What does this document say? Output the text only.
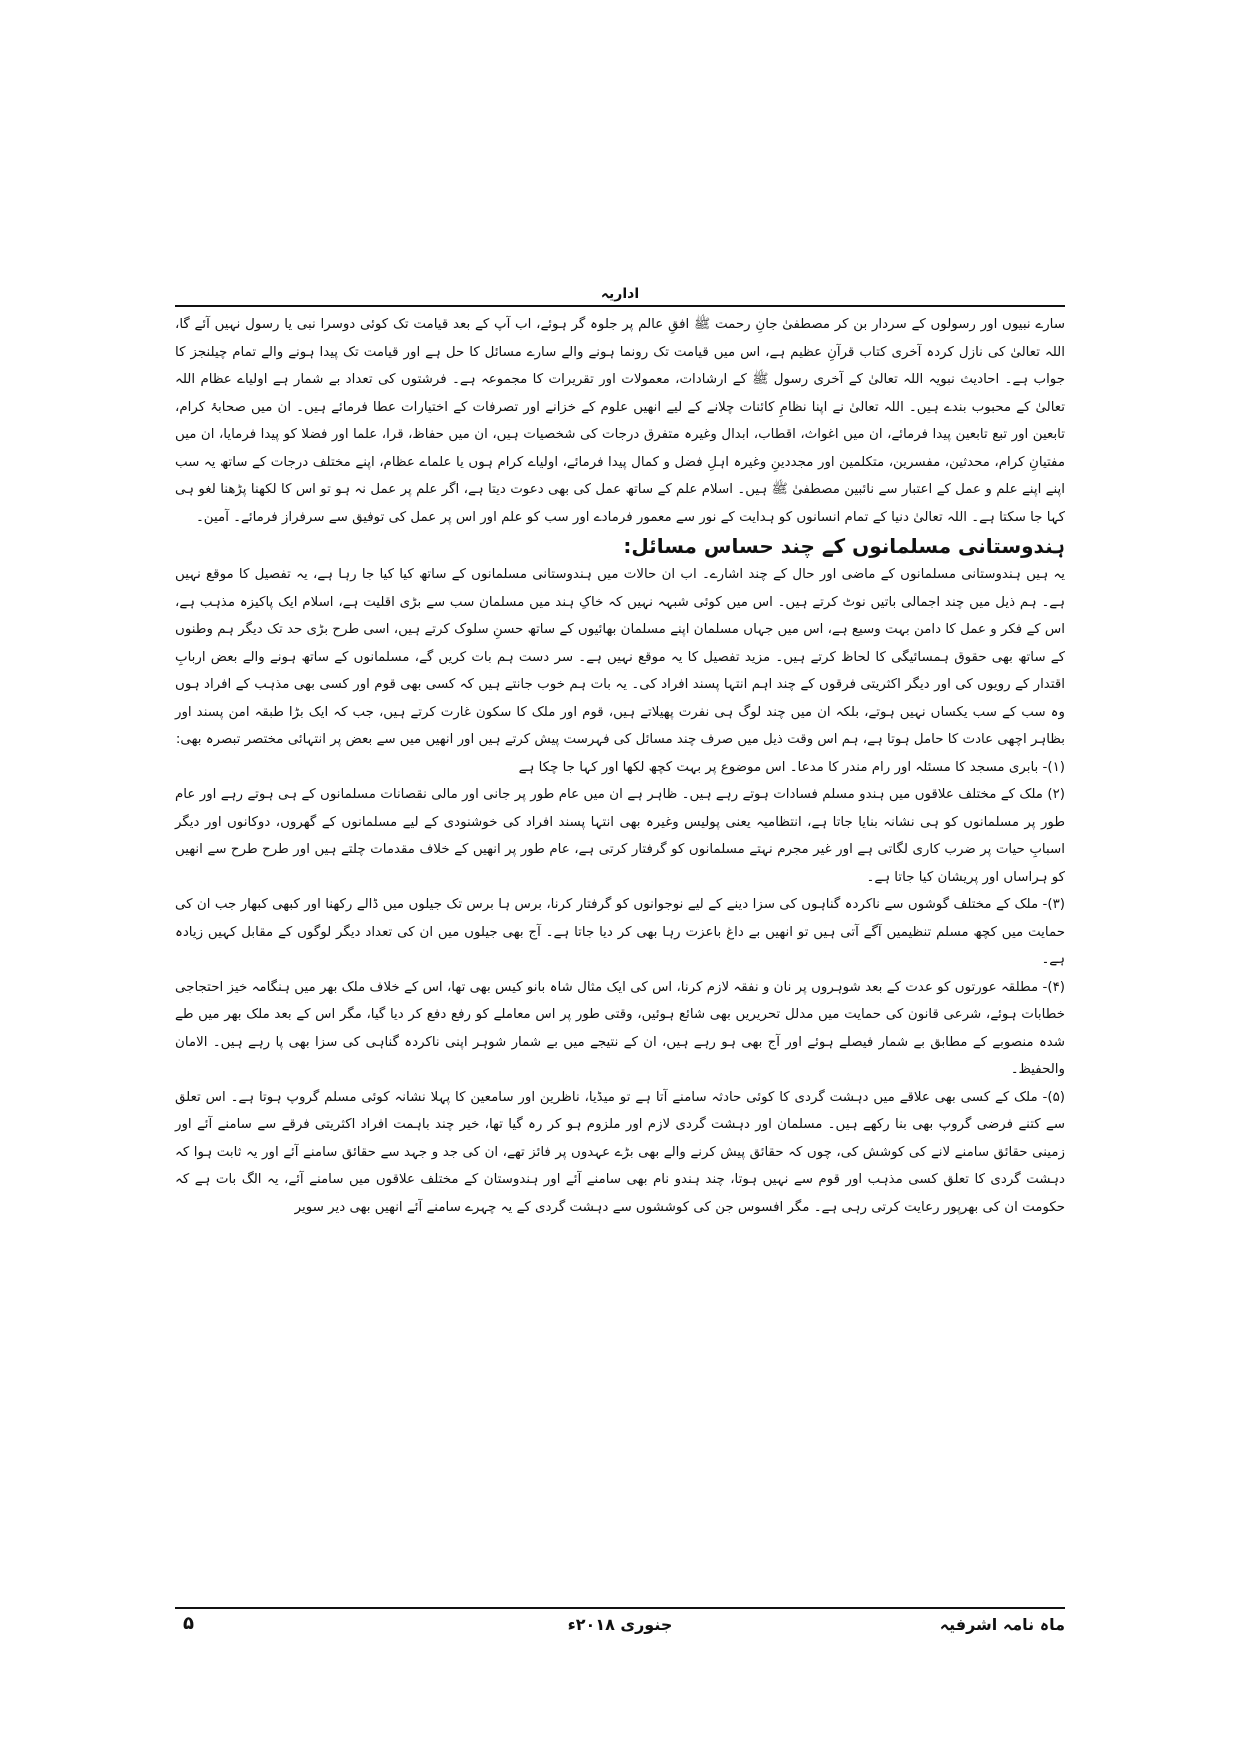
اداریہ

سارے نبیوں اور رسولوں کے سردار بن کر مصطفیٰ جانِ رحمت ﷺ افقِ عالم پر جلوہ گر ہوئے، اب آپ کے بعد قیامت تک کوئی دوسرا نبی یا رسول نہیں آئے گا، اللہ تعالیٰ کی نازل کردہ آخری کتاب قرآنِ عظیم ہے، اس میں قیامت تک رونما ہونے والے سارے مسائل کا حل ہے اور قیامت تک پیدا ہونے والے تمام چیلنجز کا جواب ہے۔ احادیث نبویہ اللہ تعالیٰ کے آخری رسول ﷺ کے ارشادات، معمولات اور تقریرات کا مجموعہ ہے۔ فرشتوں کی تعداد بے شمار ہے اولیاے عظام اللہ تعالیٰ کے محبوب بندے ہیں۔ اللہ تعالیٰ نے اپنا نظامِ کائنات چلانے کے لیے انھیں علوم کے خزانے اور تصرفات کے اختیارات عطا فرمائے ہیں۔ ان میں صحابۂ کرام، تابعین اور تبع تابعین پیدا فرمائے، ان میں اغواث، اقطاب، ابدال وغیرہ متفرق درجات کی شخصیات ہیں، ان میں حفاظ، قرا، علما اور فضلا کو پیدا فرمایا، ان میں مفتیانِ کرام، محدثین، مفسرین، متکلمین اور مجددینِ وغیرہ اہلِ فضل و کمال پیدا فرمائے، اولیاے کرام ہوں یا علماے عظام، اپنے مختلف درجات کے ساتھ یہ سب اپنے اپنے علم و عمل کے اعتبار سے نائبین مصطفیٰ ﷺ ہیں۔ اسلام علم کے ساتھ عمل کی بھی دعوت دیتا ہے، اگر علم پر عمل نہ ہو تو اس کا لکھنا پڑھنا لغو ہی کہا جا سکتا ہے۔ اللہ تعالیٰ دنیا کے تمام انسانوں کو ہدایت کے نور سے معمور فرمادے اور سب کو علم اور اس پر عمل کی توفیق سے سرفراز فرمائے۔ آمین۔

ہندوستانی مسلمانوں کے چند حساس مسائل:

یہ ہیں ہندوستانی مسلمانوں کے ماضی اور حال کے چند اشارے۔ اب ان حالات میں ہندوستانی مسلمانوں کے ساتھ کیا کیا جا رہا ہے، یہ تفصیل کا موقع نہیں ہے۔ ہم ذیل میں چند اجمالی باتیں نوٹ کرتے ہیں۔ اس میں کوئی شبہہ نہیں کہ خاکِ ہند میں مسلمان سب سے بڑی اقلیت ہے، اسلام ایک پاکیزہ مذہب ہے، اس کے فکر و عمل کا دامن بہت وسیع ہے، اس میں جہاں مسلمان اپنے مسلمان بھائیوں کے ساتھ حسنِ سلوک کرتے ہیں، اسی طرح بڑی حد تک دیگر ہم وطنوں کے ساتھ بھی حقوق ہمسائیگی کا لحاظ کرتے ہیں۔ مزید تفصیل کا یہ موقع نہیں ہے۔ سر دست ہم بات کریں گے، مسلمانوں کے ساتھ ہونے والے بعض اربابِ اقتدار کے رویوں کی اور دیگر اکثریتی فرقوں کے چند اہم انتہا پسند افراد کی۔ یہ بات ہم خوب جانتے ہیں کہ کسی بھی قوم اور کسی بھی مذہب کے افراد ہوں وہ سب کے سب یکساں نہیں ہوتے، بلکہ ان میں چند لوگ ہی نفرت پھیلاتے ہیں، قوم اور ملک کا سکون غارت کرتے ہیں، جب کہ ایک بڑا طبقہ امن پسند اور بظاہر اچھی عادت کا حامل ہوتا ہے، ہم اس وقت ذیل میں صرف چند مسائل کی فہرست پیش کرتے ہیں اور انھیں میں سے بعض پر انتہائی مختصر تبصرہ بھی:

(۱)- بابری مسجد کا مسئلہ اور رام مندر کا مدعا۔ اس موضوع پر بہت کچھ لکھا اور کہا جا چکا ہے

(۲) ملک کے مختلف علاقوں میں ہندو مسلم فسادات ہوتے رہے ہیں۔ ظاہر ہے ان میں عام طور پر جانی اور مالی نقصانات مسلمانوں کے ہی ہوتے رہے اور عام طور پر مسلمانوں کو ہی نشانہ بنایا جاتا ہے، انتظامیہ یعنی پولیس وغیرہ بھی انتہا پسند افراد کی خوشنودی کے لیے مسلمانوں کے گھروں، دوکانوں اور دیگر اسبابِ حیات پر ضرب کاری لگاتی ہے اور غیر مجرم نہتے مسلمانوں کو گرفتار کرتی ہے، عام طور پر انھیں کے خلاف مقدمات چلتے ہیں اور طرح طرح سے انھیں کو ہراساں اور پریشان کیا جاتا ہے۔

(۳)- ملک کے مختلف گوشوں سے ناکردہ گناہوں کی سزا دینے کے لیے نوجوانوں کو گرفتار کرنا، برس ہا برس تک جیلوں میں ڈالے رکھنا اور کبھی کبھار جب ان کی حمایت میں کچھ مسلم تنظیمیں آگے آتی ہیں تو انھیں بے داغ باعزت رہا بھی کر دیا جاتا ہے۔ آج بھی جیلوں میں ان کی تعداد دیگر لوگوں کے مقابل کہیں زیادہ ہے۔

(۴)- مطلقہ عورتوں کو عدت کے بعد شوہروں پر نان و نفقہ لازم کرنا، اس کی ایک مثال شاہ بانو کیس بھی تھا، اس کے خلاف ملک بھر میں ہنگامہ خیز احتجاجی خطابات ہوئے، شرعی قانون کی حمایت میں مدلل تحریریں بھی شائع ہوئیں، وقتی طور پر اس معاملے کو رفع دفع کر دیا گیا، مگر اس کے بعد ملک بھر میں طے شدہ منصوبے کے مطابق بے شمار فیصلے ہوئے اور آج بھی ہو رہے ہیں، ان کے نتیجے میں بے شمار شوہر اپنی ناکردہ گناہی کی سزا بھی پا رہے ہیں۔ الامان والحفیظ۔

(۵)- ملک کے کسی بھی علاقے میں دہشت گردی کا کوئی حادثہ سامنے آتا ہے تو میڈیا، ناظرین اور سامعین کا پہلا نشانہ کوئی مسلم گروپ ہوتا ہے۔ اس تعلق سے کتنے فرضی گروپ بھی بنا رکھے ہیں۔ مسلمان اور دہشت گردی لازم اور ملزوم ہو کر رہ گیا تھا، خیر چند باہمت افراد اکثریتی فرقے سے سامنے آئے اور زمینی حقائق سامنے لانے کی کوشش کی، چوں کہ حقائق پیش کرنے والے بھی بڑے عہدوں پر فائز تھے، ان کی جد و جہد سے حقائق سامنے آئے اور یہ ثابت ہوا کہ دہشت گردی کا تعلق کسی مذہب اور قوم سے نہیں ہوتا، چند ہندو نام بھی سامنے آئے اور ہندوستان کے مختلف علاقوں میں سامنے آئے، یہ الگ بات ہے کہ حکومت ان کی بھرپور رعایت کرتی رہی ہے۔ مگر افسوس جن کی کوششوں سے دہشت گردی کے یہ چہرے سامنے آئے انھیں بھی دیر سویر

ماہ نامہ اشرفیہ
جنوری ۲۰۱۸ء
۵
